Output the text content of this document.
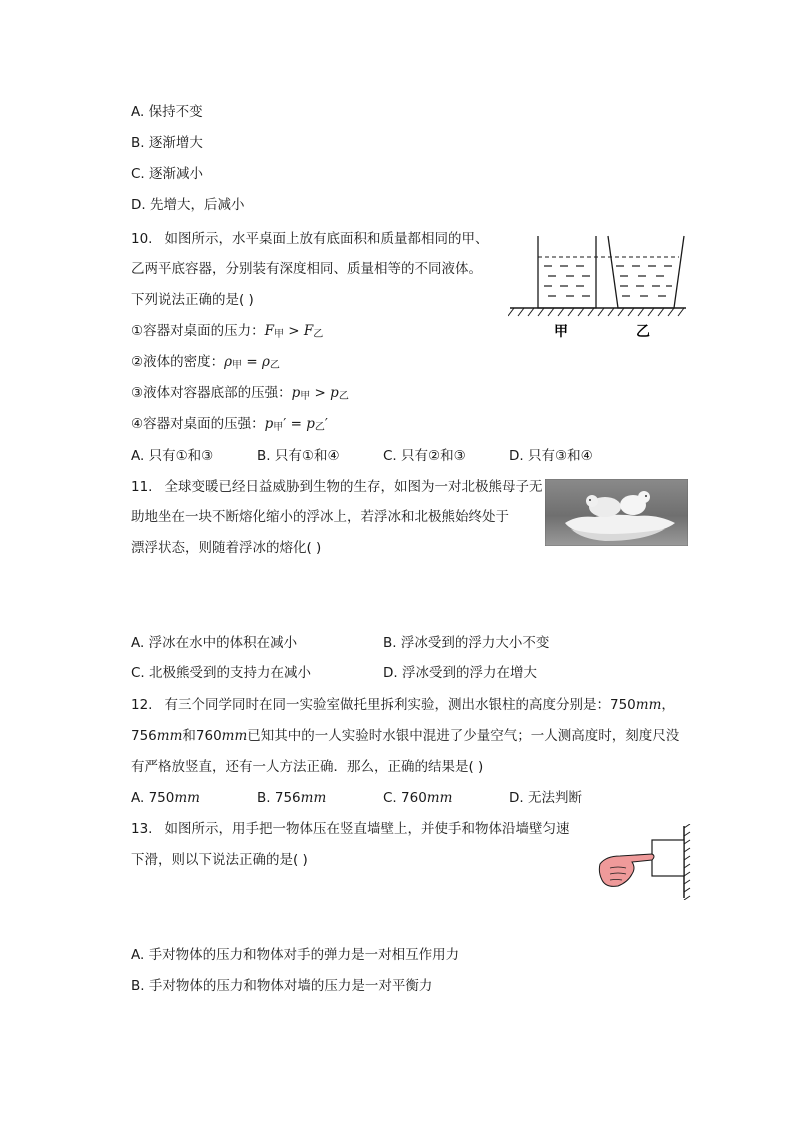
A. 保持不变
B. 逐渐增大
C. 逐渐减小
D. 先增大，后减小
10. 如图所示，水平桌面上放有底面积和质量都相同的甲、
乙两平底容器，分别装有深度相同、质量相等的不同液体。
下列说法正确的是( )
①容器对桌面的压力：$F_甲 > F_乙$
②液体的密度：$\rho_甲 = \rho_乙$
③液体对容器底部的压强：$p_甲 > p_乙$
④容器对桌面的压强：$p_甲' = p_乙'$
A. 只有①和③	B. 只有①和④	C. 只有②和③	D. 只有③和④
甲	乙
11. 全球变暖已经日益威胁到生物的生存，如图为一对北极熊母子无
助地坐在一块不断熔化缩小的浮冰上，若浮冰和北极熊始终处于
漂浮状态，则随着浮冰的熔化( )
A. 浮冰在水中的体积在减小	B. 浮冰受到的浮力大小不变
C. 北极熊受到的支持力在减小	D. 浮冰受到的浮力在增大
12. 有三个同学同时在同一实验室做托里拆利实验，测出水银柱的高度分别是：750mm，
756mm和760mm已知其中的一人实验时水银中混进了少量空气；一人测高度时，刻度尺没
有严格放竖直，还有一人方法正确．那么，正确的结果是( )
A. 750mm	B. 756mm	C. 760mm	D. 无法判断
13. 如图所示，用手把一物体压在竖直墙壁上，并使手和物体沿墙壁匀速
下滑，则以下说法正确的是( )
A. 手对物体的压力和物体对手的弹力是一对相互作用力
B. 手对物体的压力和物体对墙的压力是一对平衡力
